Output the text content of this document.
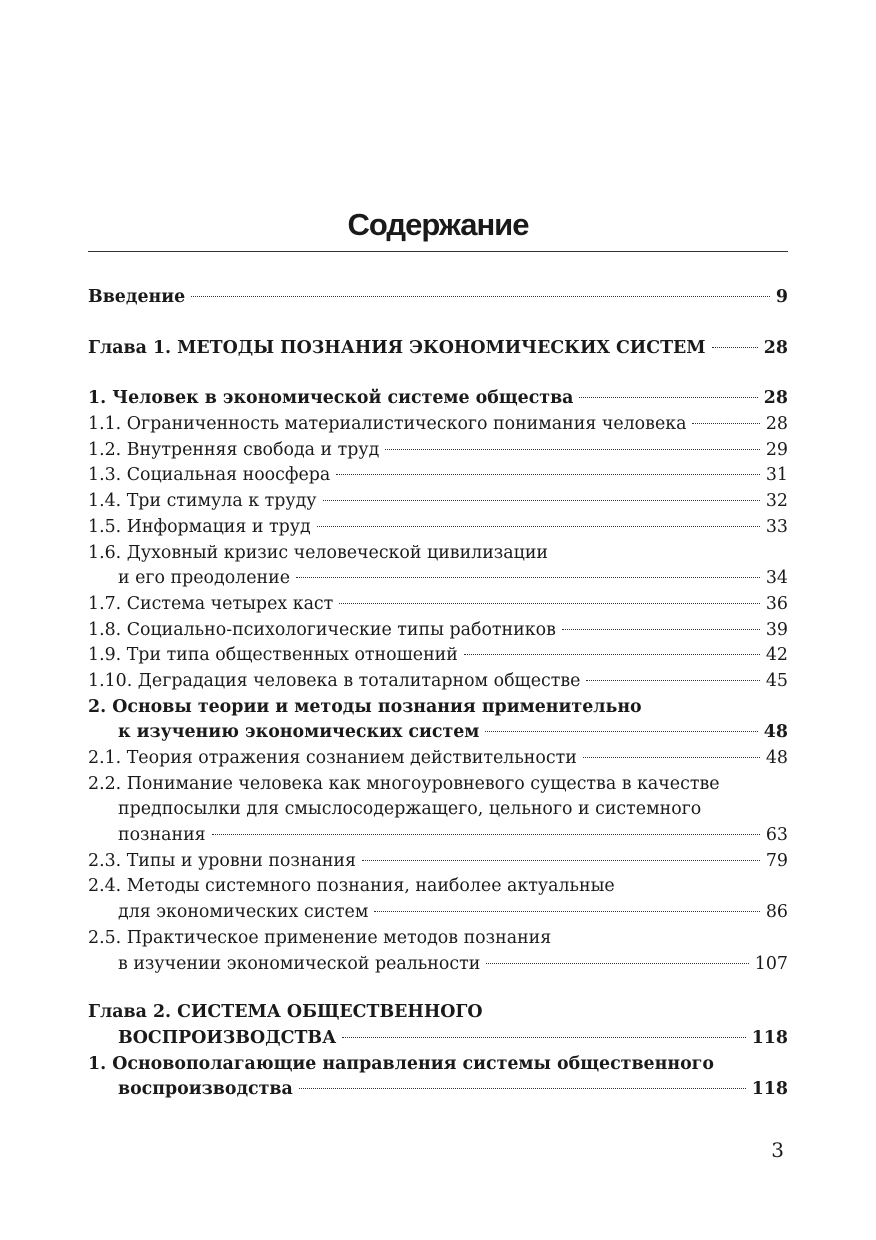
Содержание
Введение	9
Глава 1. МЕТОДЫ ПОЗНАНИЯ ЭКОНОМИЧЕСКИХ СИСТЕМ	28
1. Человек в экономической системе общества	28
1.1. Ограниченность материалистического понимания человека	28
1.2. Внутренняя свобода и труд	29
1.3. Социальная ноосфера	31
1.4. Три стимула к труду	32
1.5. Информация и труд	33
1.6. Духовный кризис человеческой цивилизации
и его преодоление	34
1.7. Система четырех каст	36
1.8. Социально-психологические типы работников	39
1.9. Три типа общественных отношений	42
1.10. Деградация человека в тоталитарном обществе	45
2. Основы теории и методы познания применительно
к изучению экономических систем	48
2.1. Теория отражения сознанием действительности	48
2.2. Понимание человека как многоуровневого существа в качестве
предпосылки для смыслосодержащего, цельного и системного
познания	63
2.3. Типы и уровни познания	79
2.4. Методы системного познания, наиболее актуальные
для экономических систем	86
2.5. Практическое применение методов познания
в изучении экономической реальности	107
Глава 2. СИСТЕМА ОБЩЕСТВЕННОГО
ВОСПРОИЗВОДСТВА	118
1. Основополагающие направления системы общественного
воспроизводства	118
3
